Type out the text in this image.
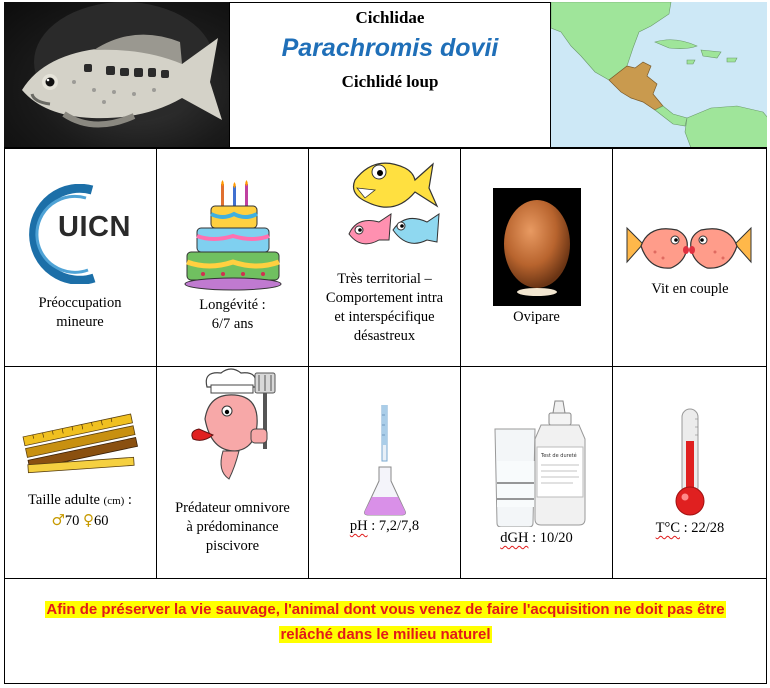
Cichlidae
Parachromis dovii
Cichlidé loup
UICN
Préoccupation mineure
Longévité :
6/7 ans
Très territorial – Comportement intra et interspécifique désastreux
Ovipare
Vit en couple
Taille adulte (cm) :
♂70 ♀60
Prédateur omnivore à prédominance piscivore
pH : 7,2/7,8
Test de dureté
dGH : 10/20
T°C : 22/28
Afin de préserver la vie sauvage, l'animal dont vous venez de faire l'acquisition ne doit pas être
relâché dans le milieu naturel
